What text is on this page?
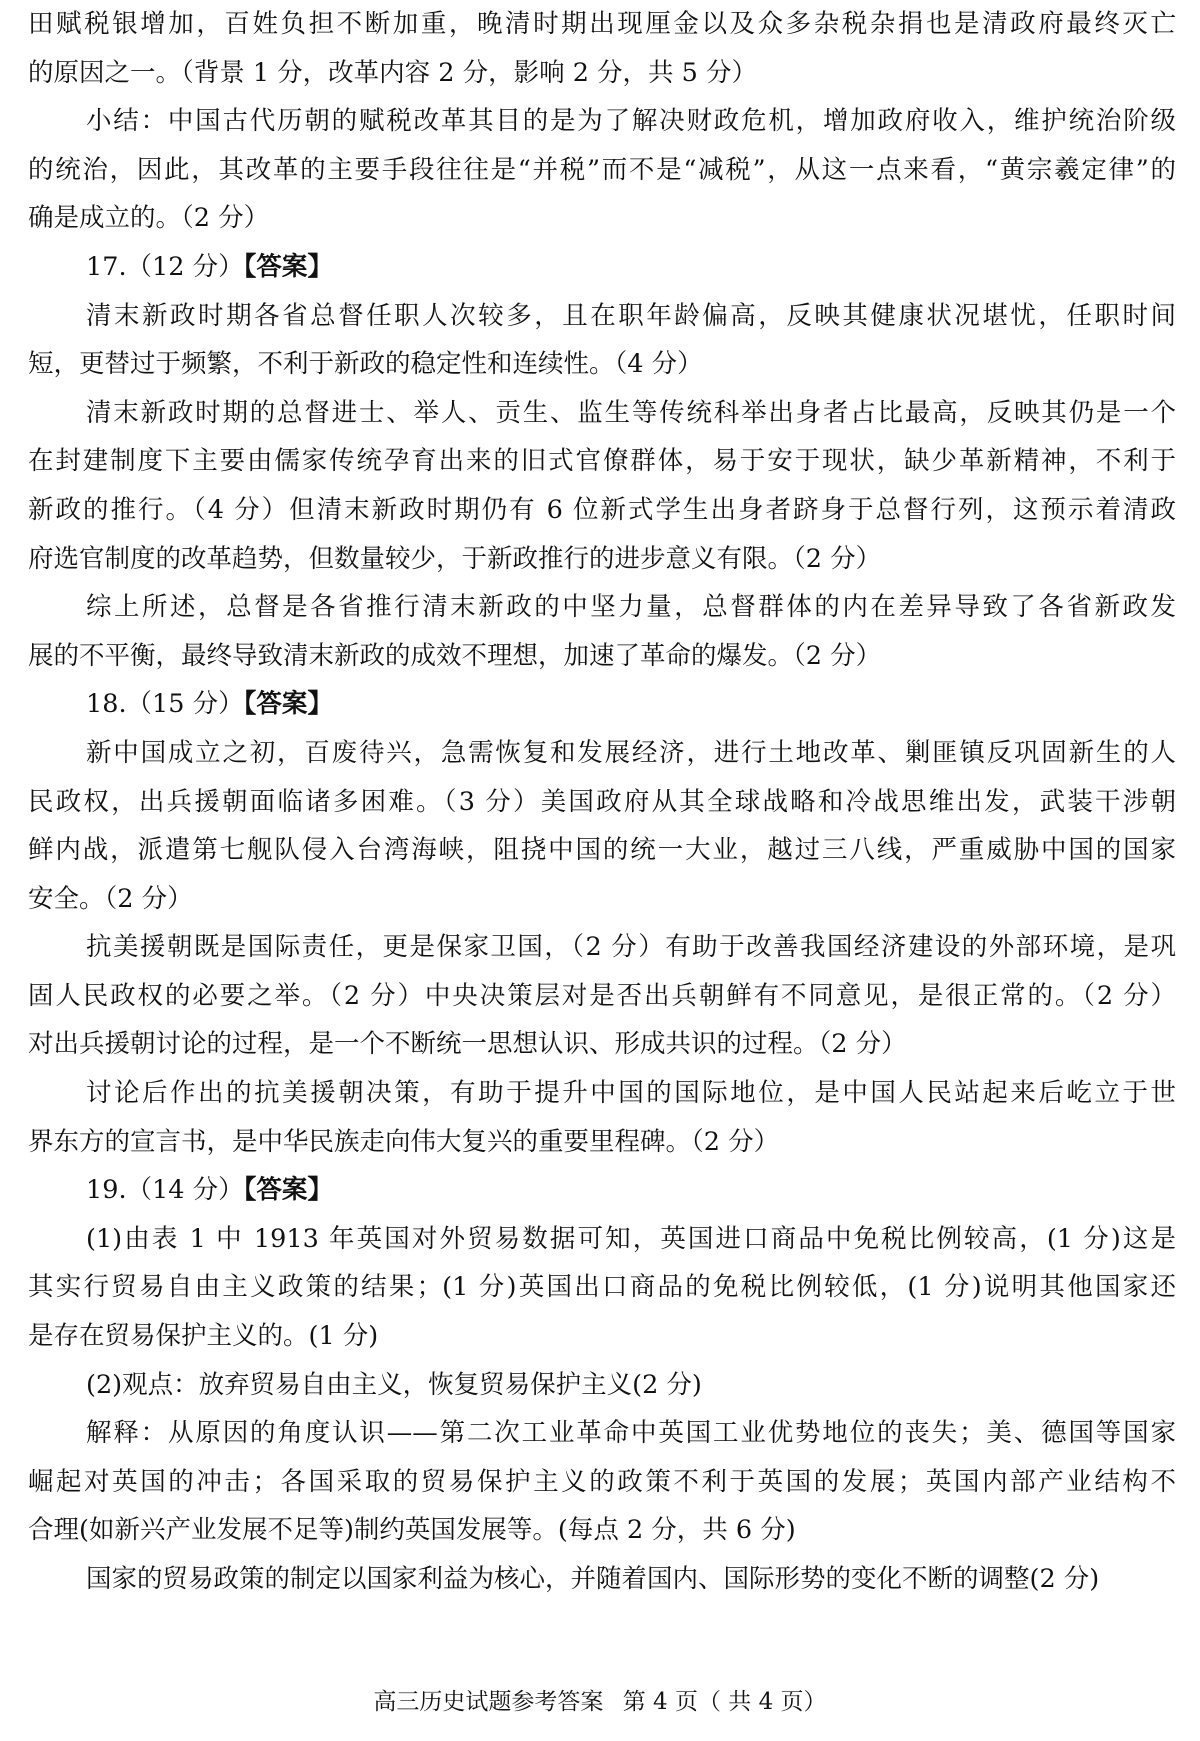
田赋税银增加，百姓负担不断加重，晚清时期出现厘金以及众多杂税杂捐也是清政府最终灭亡
的原因之一。（背景 1 分，改革内容 2 分，影响 2 分，共 5 分）
小结：中国古代历朝的赋税改革其目的是为了解决财政危机，增加政府收入，维护统治阶级
的统治，因此，其改革的主要手段往往是“并税”而不是“减税”，从这一点来看，“黄宗羲定律”的
确是成立的。（2 分）
17.（12 分）【答案】
清末新政时期各省总督任职人次较多，且在职年龄偏高，反映其健康状况堪忧，任职时间
短，更替过于频繁，不利于新政的稳定性和连续性。（4 分）
清末新政时期的总督进士、举人、贡生、监生等传统科举出身者占比最高，反映其仍是一个
在封建制度下主要由儒家传统孕育出来的旧式官僚群体，易于安于现状，缺少革新精神，不利于
新政的推行。（4 分）但清末新政时期仍有 6 位新式学生出身者跻身于总督行列，这预示着清政
府选官制度的改革趋势，但数量较少，于新政推行的进步意义有限。（2 分）
综上所述，总督是各省推行清末新政的中坚力量，总督群体的内在差异导致了各省新政发
展的不平衡，最终导致清末新政的成效不理想，加速了革命的爆发。（2 分）
18.（15 分）【答案】
新中国成立之初，百废待兴，急需恢复和发展经济，进行土地改革、剿匪镇反巩固新生的人
民政权，出兵援朝面临诸多困难。（3 分）美国政府从其全球战略和冷战思维出发，武装干涉朝
鲜内战，派遣第七舰队侵入台湾海峡，阻挠中国的统一大业，越过三八线，严重威胁中国的国家
安全。（2 分）
抗美援朝既是国际责任，更是保家卫国，（2 分）有助于改善我国经济建设的外部环境，是巩
固人民政权的必要之举。（2 分）中央决策层对是否出兵朝鲜有不同意见，是很正常的。（2 分）
对出兵援朝讨论的过程，是一个不断统一思想认识、形成共识的过程。（2 分）
讨论后作出的抗美援朝决策，有助于提升中国的国际地位，是中国人民站起来后屹立于世
界东方的宣言书，是中华民族走向伟大复兴的重要里程碑。（2 分）
19.（14 分）【答案】
(1)由表 1 中 1913 年英国对外贸易数据可知，英国进口商品中免税比例较高，(1 分)这是
其实行贸易自由主义政策的结果；(1 分)英国出口商品的免税比例较低，(1 分)说明其他国家还
是存在贸易保护主义的。(1 分)
(2)观点：放弃贸易自由主义，恢复贸易保护主义(2 分)
解释：从原因的角度认识——第二次工业革命中英国工业优势地位的丧失；美、德国等国家
崛起对英国的冲击；各国采取的贸易保护主义的政策不利于英国的发展；英国内部产业结构不
合理(如新兴产业发展不足等)制约英国发展等。(每点 2 分，共 6 分)
国家的贸易政策的制定以国家利益为核心，并随着国内、国际形势的变化不断的调整(2 分)
高三历史试题参考答案 第 4 页（ 共 4 页）
